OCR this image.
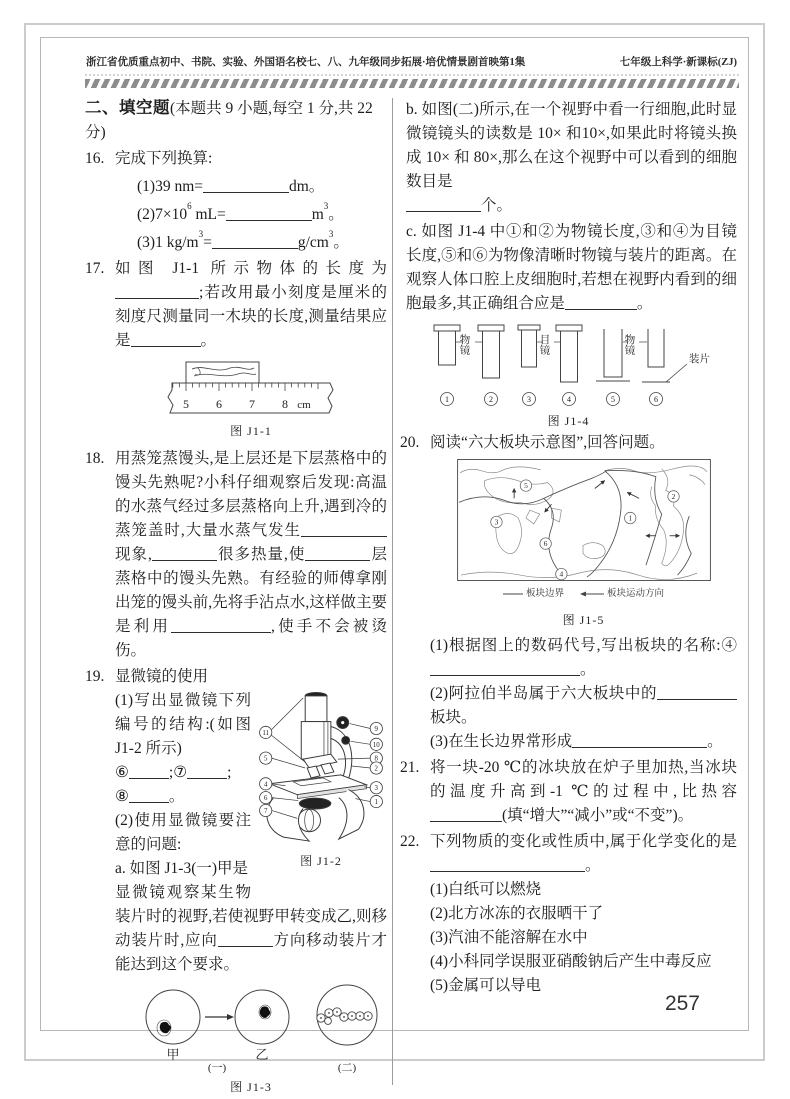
浙江省优质重点初中、书院、实验、外国语名校七、八、九年级同步拓展·培优情景剧首映第1集	七年级上科学·新课标(ZJ)
二、填空题(本题共 9 小题,每空 1 分,共 22 分)
16. 完成下列换算:

(1)39 nm=	dm。

$(2)7\times 10^6$ mL=	$m^3$。

(3)1 $kg/m^3=$	$g/cm^3$。

17. 如图 J1-1 所示物体的长度为;若改用最小刻度是厘米的刻度尺测量同一木块的长度,测量结果应是	。

5 6 7 8 cm
图 J1-1
18. 用蒸笼蒸馒头,是上层还是下层蒸格中的馒头先熟呢?小科仔细观察后发现:高温的水蒸气经过多层蒸格向上升,遇到冷的蒸笼盖时,大量水蒸气发生现象,	很多热量,使	层蒸格中的馒头先熟。有经验的师傅拿刚出笼的馒头前,先将手沾点水,这样做主要是利用	,使手不会被烫伤。

19. 显微镜的使用

11
5
4
6
7
9
10
8
2
3
1
图 J1-2

(1)写出显微镜下列编号的结构:(如图 J1-2 所示)
⑥	;⑦	;
⑧	。
(2)使用显微镜要注意的问题:
a. 如图 J1-3(一)甲是

显微镜观察某生物装片时的视野,若使视野甲转变成乙,则移动装片时,应向	方向移动装片才能达到这个要求。

甲	乙
(一)	(二)
图 J1-3

b. 如图(二)所示,在一个视野中看一行细胞,此时显微镜镜头的读数是 10× 和10×,如果此时将镜头换成 10× 和 80×,那么在这个视野中可以看到的细胞数目是
个。

c. 如图 J1-4 中①和②为物镜长度,③和④为目镜长度,⑤和⑥为物像清晰时物镜与装片的距离。在观察人体口腔上皮细胞时,若想在视野内看到的细胞最多,其正确组合应是	。

物镜	目镜	物镜
装片
1	2	3	4	5	6
图 J1-4
20. 阅读“六大板块示意图”,回答问题。

5
2
3	1
6
4
板块边界	板块运动方向
图 J1-5

(1)根据图上的数码代号,写出板块的名称:④。

(2)阿拉伯半岛属于六大板块中的板块。

(3)在生长边界常形成	。

21. 将一块-20 ℃的冰块放在炉子里加热,当冰块的温度升高到-1 ℃的过程中,比热容(填“增大”“减小”或“不变”)。

22. 下列物质的变化或性质中,属于化学变化的是。

(1)白纸可以燃烧

(2)北方冰冻的衣服晒干了

(3)汽油不能溶解在水中

(4)小科同学误服亚硝酸钠后产生中毒反应

(5)金属可以导电

257
